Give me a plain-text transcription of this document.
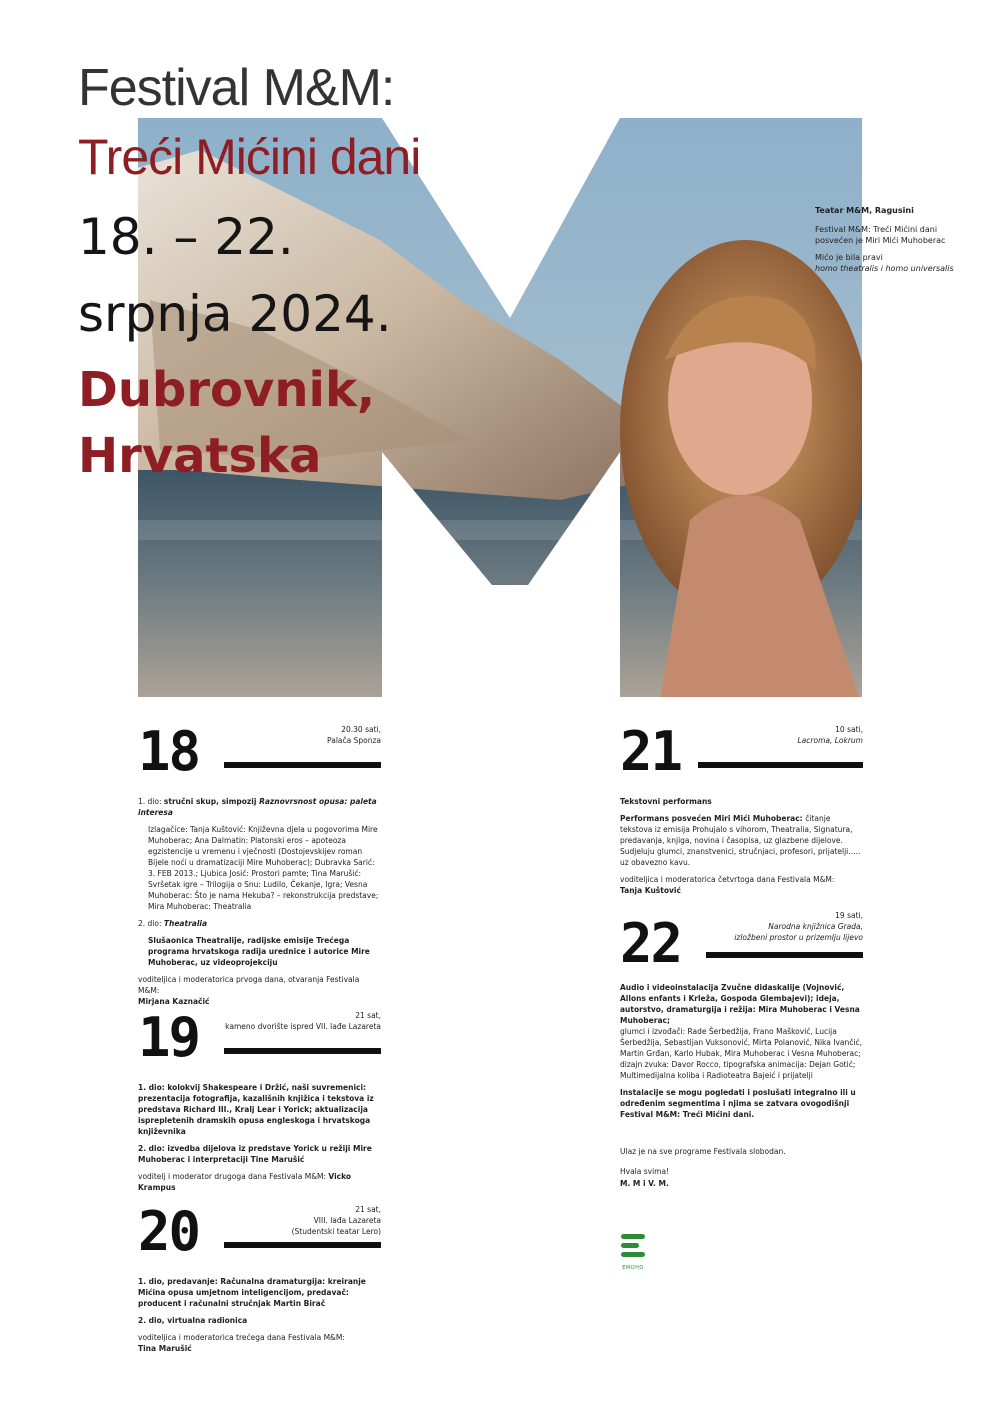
Festival M&M:
Treći Mićini dani
18. – 22.
srpnja 2024.
Dubrovnik,
Hrvatska
Teatar M&M, Ragusini

Festival M&M: Treći Mićini dani posvećen je Miri Mići Muhoberac

Mićo je bila pravi
homo theatralis i homo universalis

18	20.30 sati,
Palača Sponza

1. dio: stručni skup, simpozij Raznovrsnost opusa: paleta interesa

Izlagačice: Tanja Kuštović: Književna djela u pogovorima Mire Muhoberac; Ana Dalmatin: Platonski eros – apoteoza egzistencije u vremenu i vječnosti (Dostojevskijev roman Bijele noći u dramatizaciji Mire Muhoberac); Dubravka Sarić: 3. FEB 2013.; Ljubica Josić: Prostori pamte; Tina Marušić: Svršetak igre – Trilogija o Snu: Ludilo, Čekanje, Igra; Vesna Muhoberac: Što je nama Hekuba? – rekonstrukcija predstave; Mira Muhoberac: Theatralia

2. dio: Theatralia

Slušaonica Theatralije, radijske emisije Trećega programa hrvatskoga radija urednice i autorice Mire Muhoberac, uz videoprojekciju

voditeljica i moderatorica prvoga dana, otvaranja Festivala M&M:
Mirjana Kaznačić

19	21 sat,
kameno dvorište ispred VII. lađe Lazareta

1. dio: kolokvij Shakespeare i Držić, naši suvremenici: prezentacija fotografija, kazališnih knjižica i tekstova iz predstava Richard III., Kralj Lear i Yorick; aktualizacija isprepletenih dramskih opusa engleskoga i hrvatskoga književnika

2. dio: izvedba dijelova iz predstave Yorick u režiji Mire Muhoberac i interpretaciji Tine Marušić

voditelj i moderator drugoga dana Festivala M&M: Vicko Krampus

20	21 sat,
VIII. lađa Lazareta
(Studentski teatar Lero)

1. dio, predavanje: Računalna dramaturgija: kreiranje Mićina opusa umjetnom inteligencijom, predavač: producent i računalni stručnjak Martin Birač

2. dio, virtualna radionica

voditeljica i moderatorica trećega dana Festivala M&M:
Tina Marušić

21	10 sati,
Lacroma, Lokrum

Tekstovni performans

Performans posvećen Miri Mići Muhoberac: čitanje tekstova iz emisija Prohujalo s vihorom, Theatralia, Signatura, predavanja, knjiga, novina i časopisa, uz glazbene dijelove. Sudjeluju glumci, znanstvenici, stručnjaci, profesori, prijatelji….. uz obavezno kavu.

voditeljica i moderatorica četvrtoga dana Festivala M&M:
Tanja Kuštović

22	19 sati,
Narodna knjižnica Grada,
izložbeni prostor u prizemlju lijevo

Audio i videoinstalacija Zvučne didaskalije (Vojnović, Allons enfants i Krleža, Gospoda Glembajevi); ideja, autorstvo, dramaturgija i režija: Mira Muhoberac i Vesna Muhoberac;

glumci i izvođači: Rade Šerbedžija, Frano Mašković, Lucija Šerbedžija, Sebastijan Vuksonović, Mirta Polanović, Nika Ivančić, Martin Grđan, Karlo Hubak, Mira Muhoberac i Vesna Muhoberac; dizajn zvuka: Davor Rocco, tipografska animacija: Dejan Gotić; Multimedijalna koliba i Radioteatra Bajeić i prijatelji

Instalacije se mogu pogledati i poslušati integralno ili u određenim segmentima i njima se zatvara ovogodišnji Festival M&M: Treći Mićini dani.

Ulaz je na sve programe Festivala slobodan.

Hvala svima!
M. M i V. M.

EMOHO
